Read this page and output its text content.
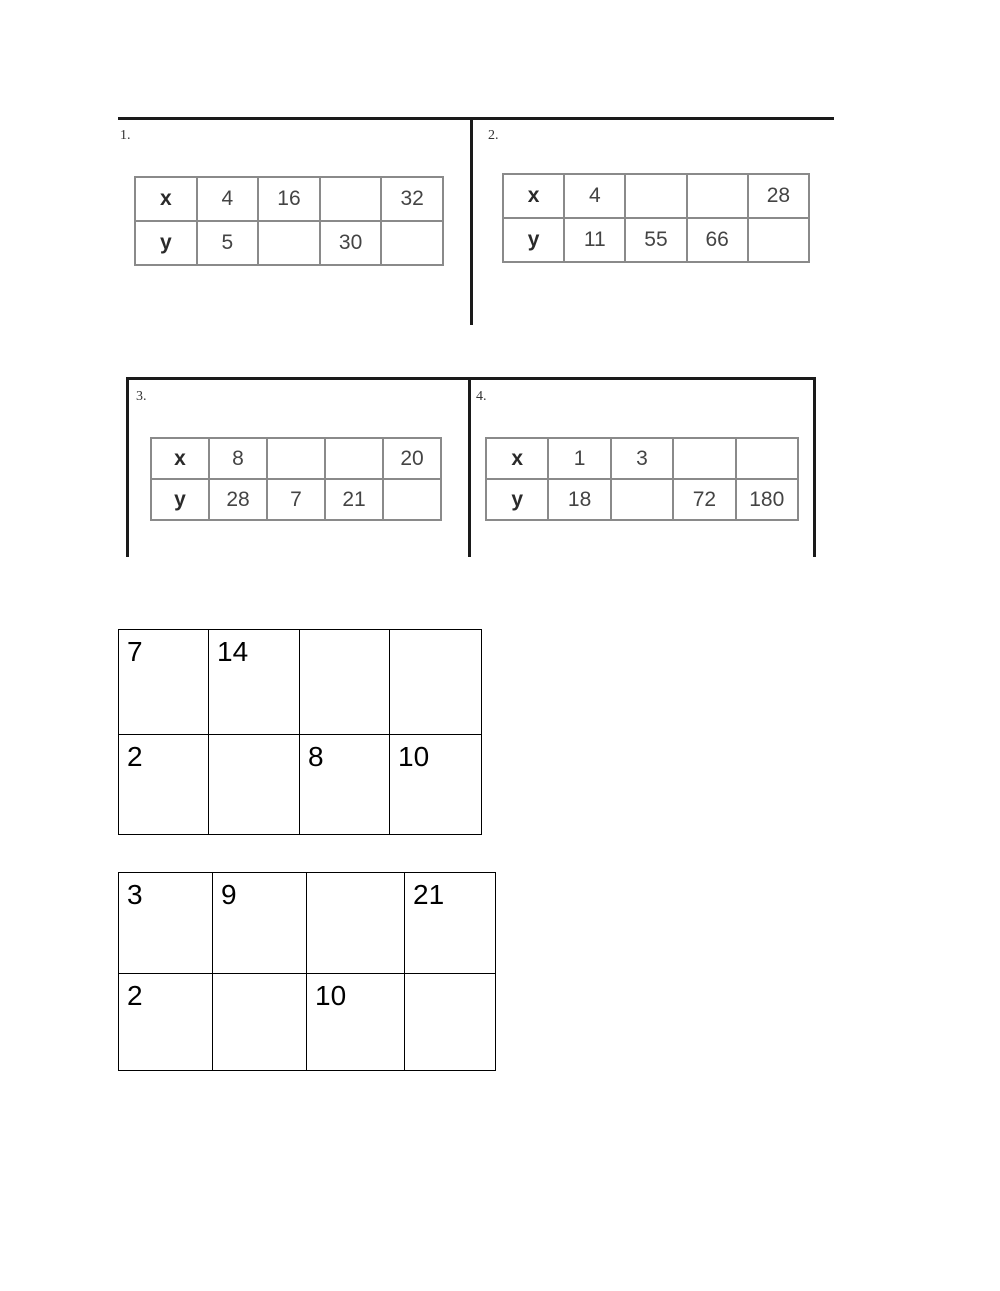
1.	2.
x	4	16		32
y	5		30	
x	4			28
y	11	55	66	
3.	4.
x	8			20
y	28	7	21	
x	1	3		
y	18		72	180
7	14		
2		8	10
3	9		21
2		10	
